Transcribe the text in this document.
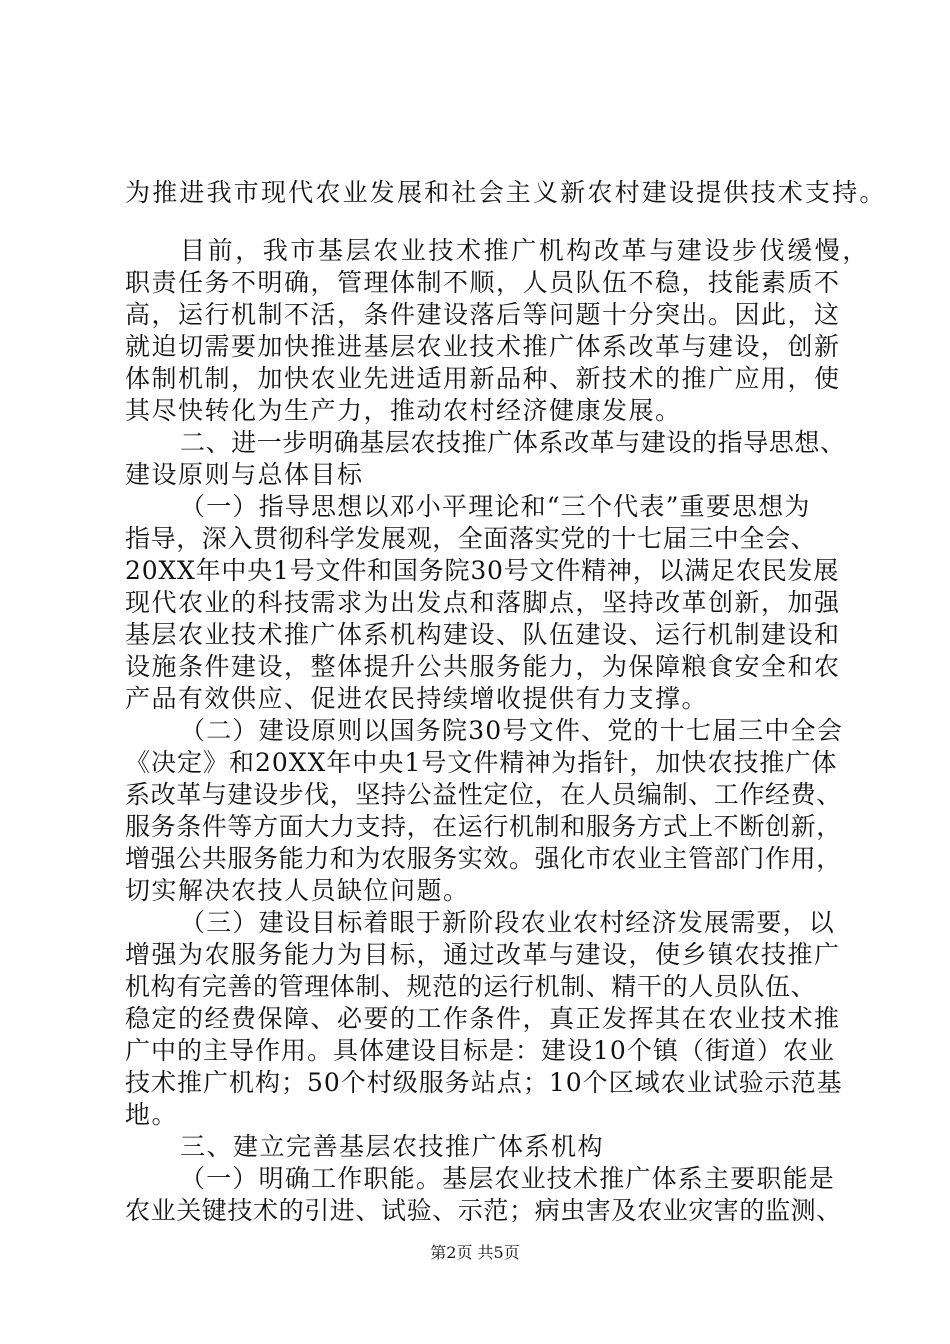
为推进我市现代农业发展和社会主义新农村建设提供技术支持。
目前，我市基层农业技术推广机构改革与建设步伐缓慢，
职责任务不明确，管理体制不顺，人员队伍不稳，技能素质不
高，运行机制不活，条件建设落后等问题十分突出。因此，这
就迫切需要加快推进基层农业技术推广体系改革与建设，创新
体制机制，加快农业先进适用新品种、新技术的推广应用，使
其尽快转化为生产力，推动农村经济健康发展。
二、进一步明确基层农技推广体系改革与建设的指导思想、
建设原则与总体目标
（一）指导思想以邓小平理论和“三个代表”重要思想为
指导，深入贯彻科学发展观，全面落实党的十七届三中全会、
20XX年中央1号文件和国务院30号文件精神，以满足农民发展
现代农业的科技需求为出发点和落脚点，坚持改革创新，加强
基层农业技术推广体系机构建设、队伍建设、运行机制建设和
设施条件建设，整体提升公共服务能力，为保障粮食安全和农
产品有效供应、促进农民持续增收提供有力支撑。
（二）建设原则以国务院30号文件、党的十七届三中全会
《决定》和20XX年中央1号文件精神为指针，加快农技推广体
系改革与建设步伐，坚持公益性定位，在人员编制、工作经费、
服务条件等方面大力支持，在运行机制和服务方式上不断创新，
增强公共服务能力和为农服务实效。强化市农业主管部门作用，
切实解决农技人员缺位问题。
（三）建设目标着眼于新阶段农业农村经济发展需要，以
增强为农服务能力为目标，通过改革与建设，使乡镇农技推广
机构有完善的管理体制、规范的运行机制、精干的人员队伍、
稳定的经费保障、必要的工作条件，真正发挥其在农业技术推
广中的主导作用。具体建设目标是：建设10个镇（街道）农业
技术推广机构；50个村级服务站点；10个区域农业试验示范基
地。
三、建立完善基层农技推广体系机构
（一）明确工作职能。基层农业技术推广体系主要职能是
农业关键技术的引进、试验、示范；病虫害及农业灾害的监测、
第2页 共5页
